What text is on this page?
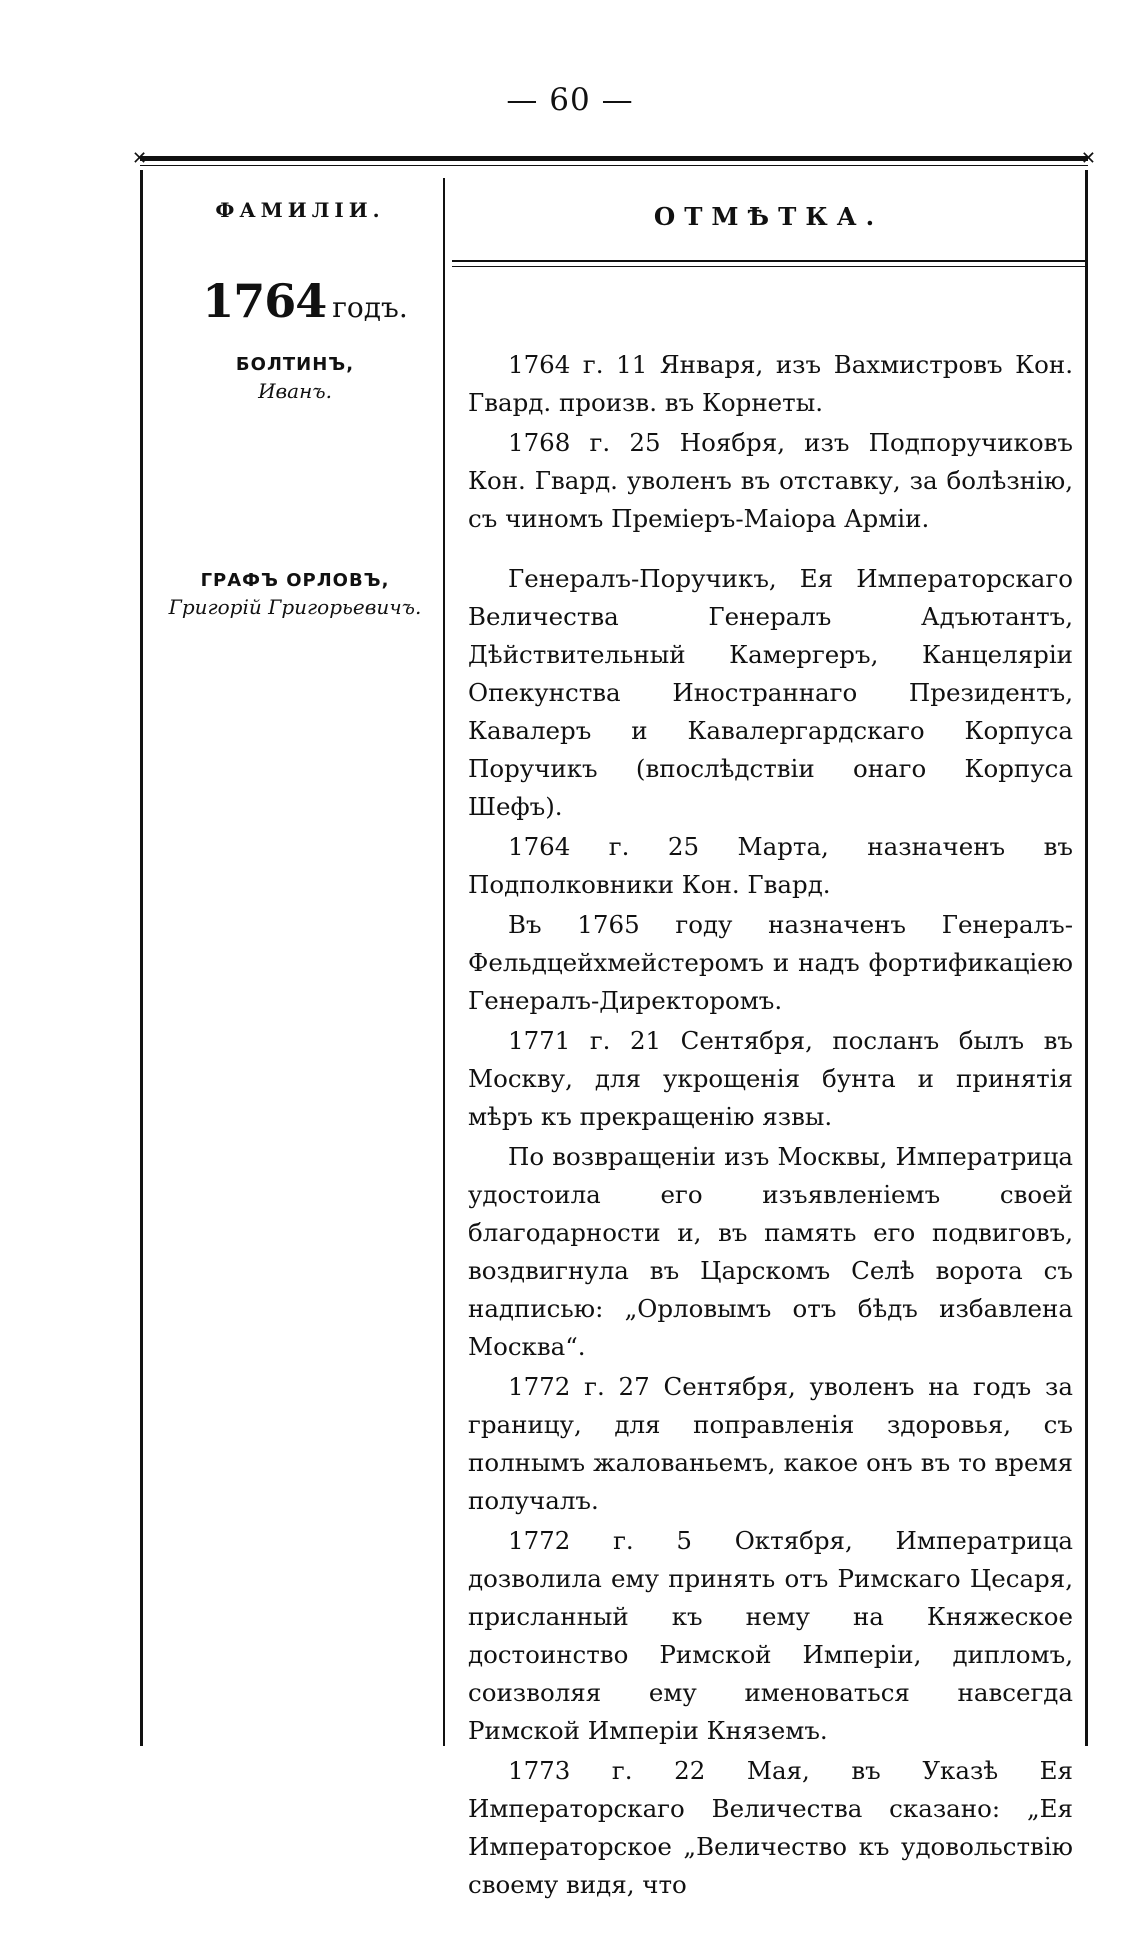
— 60 —
✕	✕
ФАМИЛІИ.	ОТМѢТКА.
1764 годъ.
БОЛТИНЪ,
Иванъ.

1764 г. 11 Января, изъ Вахмистровъ Кон. Гвард. произв. въ Корнеты.

1768 г. 25 Ноября, изъ Подпоручиковъ Кон. Гвард. уволенъ въ отставку, за болѣзнію, съ чиномъ Преміеръ-Маіора Арміи.

ГРАФЪ ОРЛОВЪ,
Григорій Григорьевичъ.

Генералъ-Поручикъ, Ея Императорскаго Величества Генералъ Адъютантъ, Дѣйствительный Камергеръ, Канцелярiи Опекунства Иностраннаго Президентъ, Кавалеръ и Кавалергардскаго Корпуса Поручикъ (впослѣдствіи онаго Корпуса Шефъ).

1764 г. 25 Марта, назначенъ въ Подполковники Кон. Гвард.

Въ 1765 году назначенъ Генералъ-Фельдцейхмейстеромъ и надъ фортификаціею Генералъ-Директоромъ.

1771 г. 21 Сентября, посланъ былъ въ Москву, для укрощенія бунта и принятія мѣръ къ прекращенію язвы.

По возвращеніи изъ Москвы, Императрица удостоила его изъявленіемъ своей благодарности и, въ память его подвиговъ, воздвигнула въ Царскомъ Селѣ ворота съ надписью: „Орловымъ отъ бѣдъ избавлена Москва“.

1772 г. 27 Сентября, уволенъ на годъ за границу, для поправленія здоровья, съ полнымъ жалованьемъ, какое онъ въ то время получалъ.

1772 г. 5 Октября, Императрица дозволила ему принять отъ Римскаго Цесаря, присланный къ нему на Княжеское достоинство Римской Имперіи, дипломъ, соизволяя ему именоваться навсегда Римской Имперіи Княземъ.

1773 г. 22 Мая, въ Указѣ Ея Императорскаго Величества сказано: „Ея Императорское „Величество къ удовольствію своему видя, что
